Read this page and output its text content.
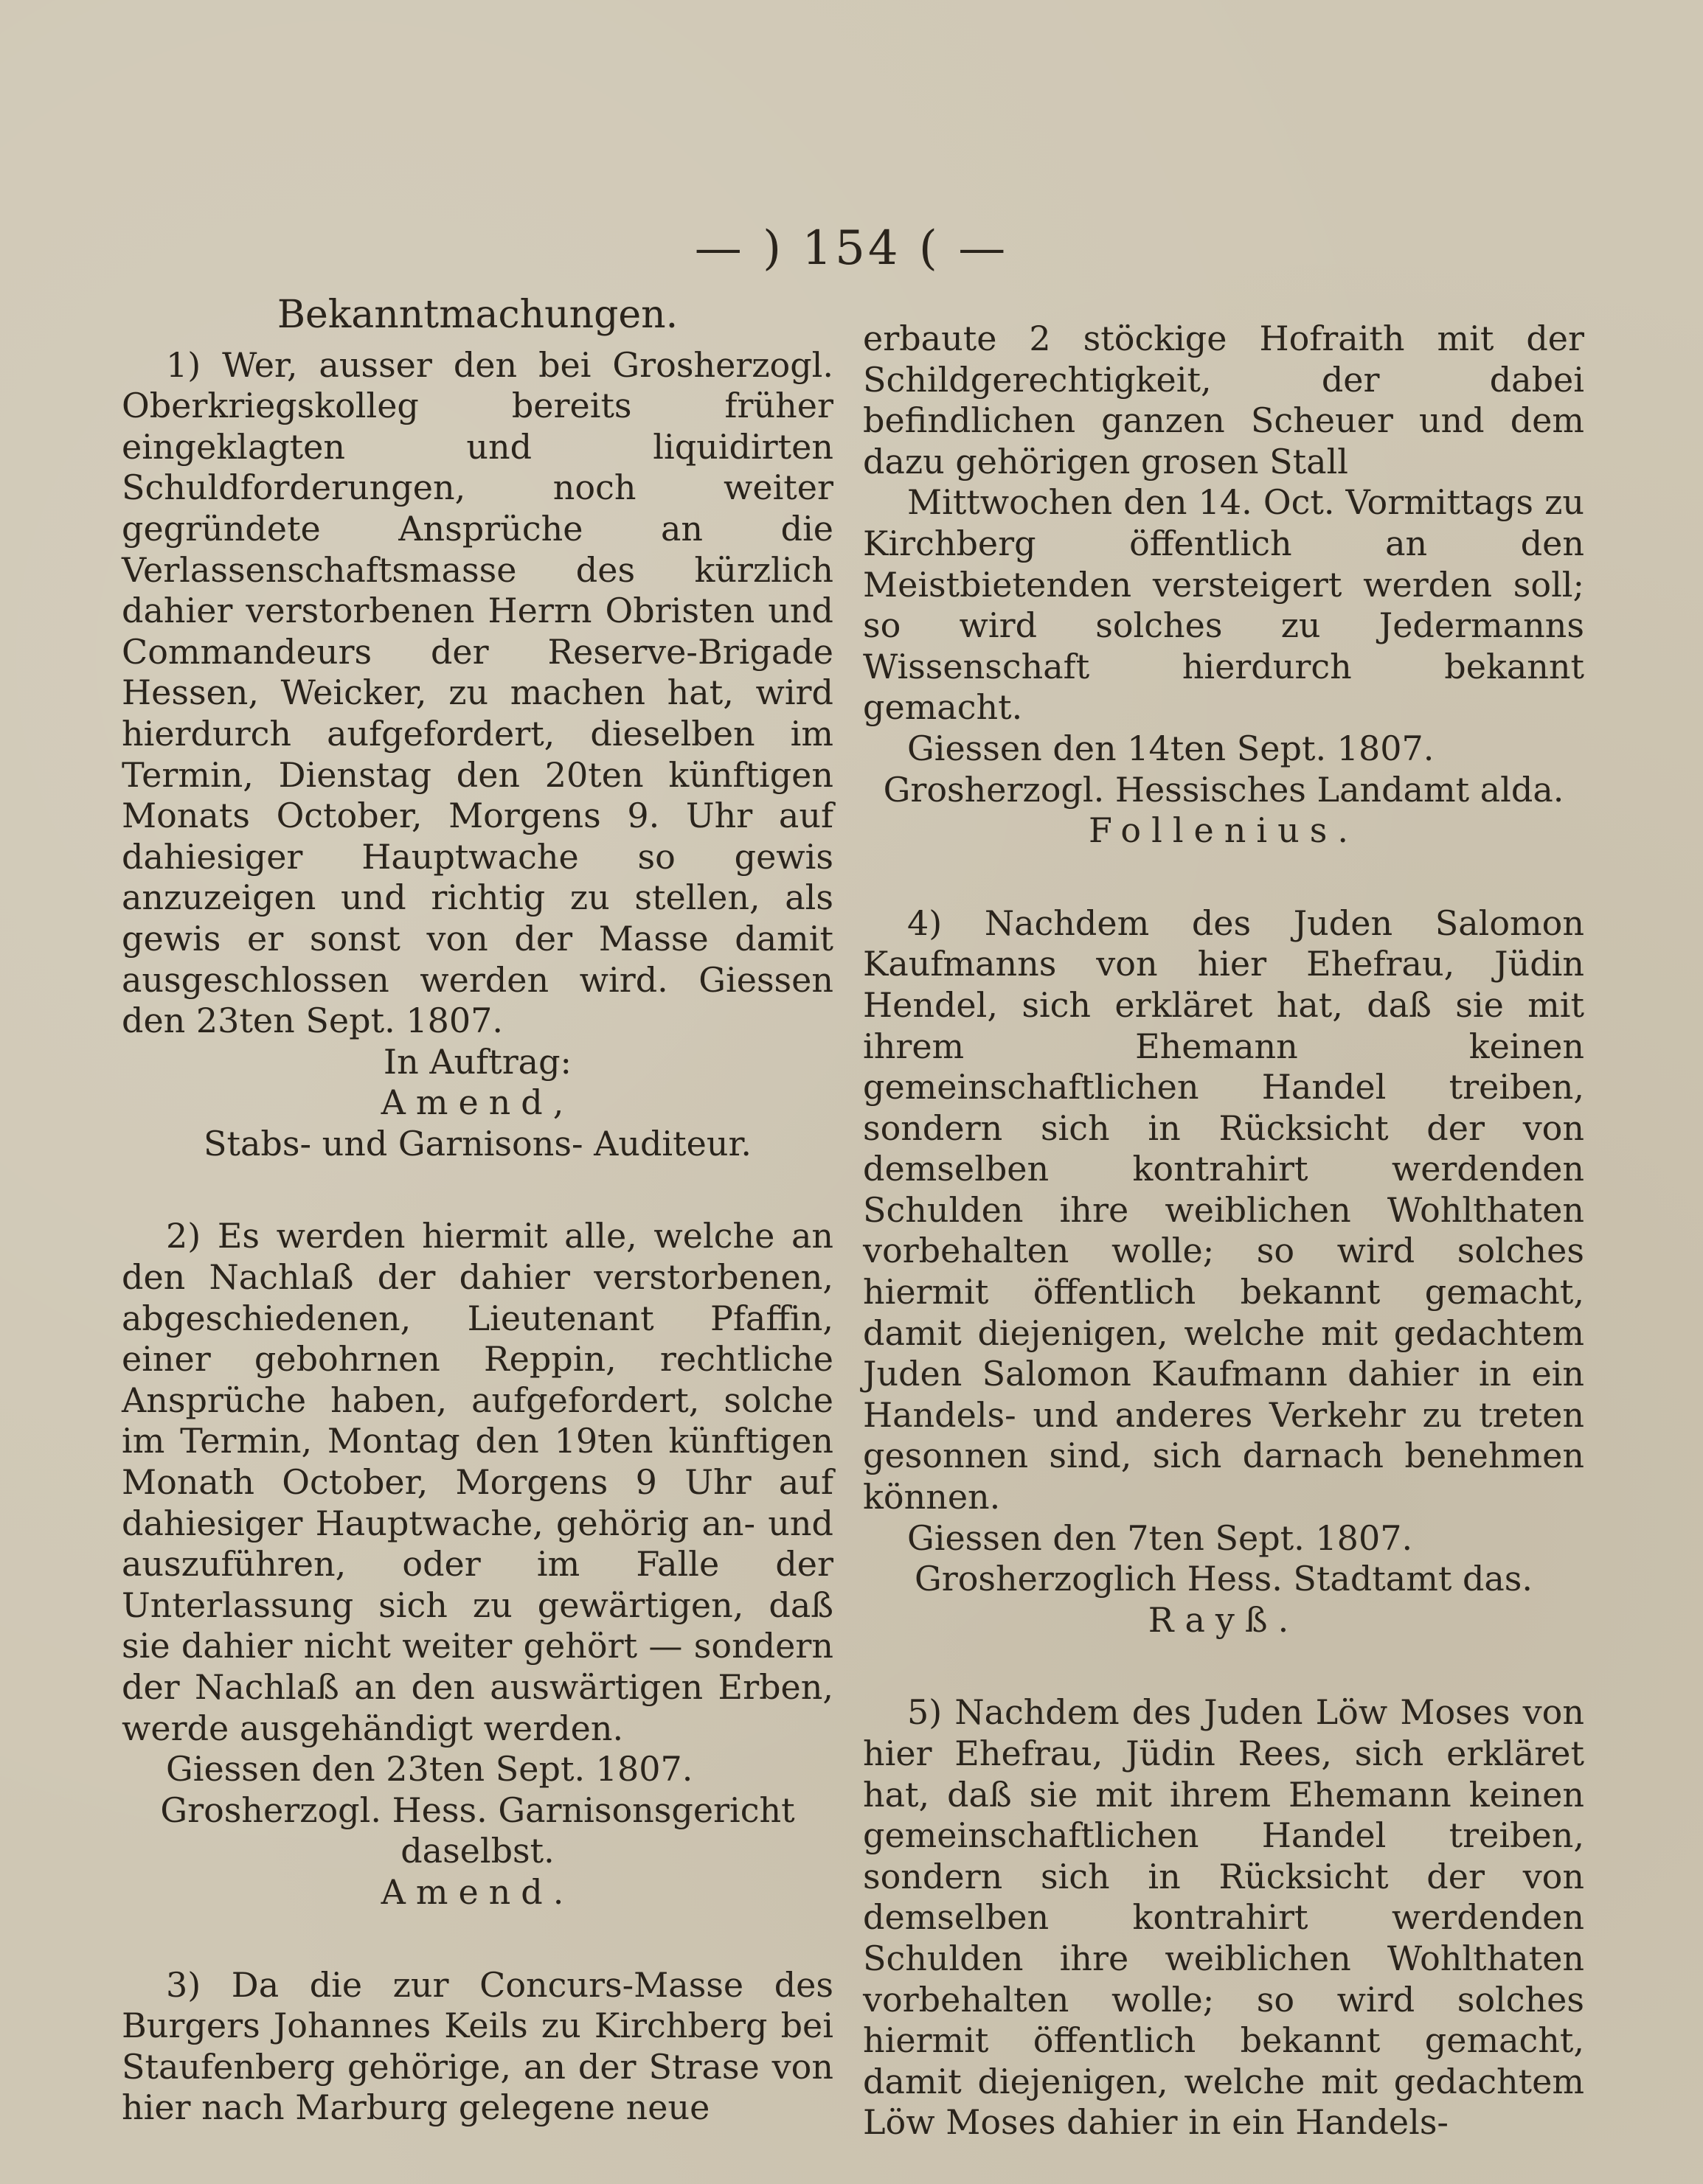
— ) 154 ( —

Bekanntmachungen.

1) Wer, ausser den bei Grosherzogl. Oberkriegskolleg bereits früher eingeklagten und liquidirten Schuldforderungen, noch weiter gegründete Ansprüche an die Verlassenschaftsmasse des kürzlich dahier verstorbenen Herrn Obristen und Commandeurs der Reserve-Brigade Hessen, Weicker, zu machen hat, wird hierdurch aufgefordert, dieselben im Termin, Dienstag den 20ten künftigen Monats October, Morgens 9. Uhr auf dahiesiger Hauptwache so gewis anzuzeigen und richtig zu stellen, als gewis er sonst von der Masse damit ausgeschlossen werden wird. Giessen den 23ten Sept. 1807.

In Auftrag:

Amend,

Stabs- und Garnisons- Auditeur.

2) Es werden hiermit alle, welche an den Nachlaß der dahier verstorbenen, abgeschiedenen, Lieutenant Pfaffin, einer gebohrnen Reppin, rechtliche Ansprüche haben, aufgefordert, solche im Termin, Montag den 19ten künftigen Monath October, Morgens 9 Uhr auf dahiesiger Hauptwache, gehörig an- und auszuführen, oder im Falle der Unterlassung sich zu gewärtigen, daß sie dahier nicht weiter gehört — sondern der Nachlaß an den auswärtigen Erben, werde ausgehändigt werden.

Giessen den 23ten Sept. 1807.

Grosherzogl. Hess. Garnisonsgericht daselbst.

Amend.

3) Da die zur Concurs-Masse des Burgers Johannes Keils zu Kirchberg bei Staufenberg gehörige, an der Strase von hier nach Marburg gelegene neue

erbaute 2 stöckige Hofraith mit der Schildgerechtigkeit, der dabei befindlichen ganzen Scheuer und dem dazu gehörigen grosen Stall

Mittwochen den 14. Oct. Vormittags zu Kirchberg öffentlich an den Meistbietenden versteigert werden soll; so wird solches zu Jedermanns Wissenschaft hierdurch bekannt gemacht.

Giessen den 14ten Sept. 1807.

Grosherzogl. Hessisches Landamt alda.

Follenius.

4) Nachdem des Juden Salomon Kaufmanns von hier Ehefrau, Jüdin Hendel, sich erkläret hat, daß sie mit ihrem Ehemann keinen gemeinschaftlichen Handel treiben, sondern sich in Rücksicht der von demselben kontrahirt werdenden Schulden ihre weiblichen Wohlthaten vorbehalten wolle; so wird solches hiermit öffentlich bekannt gemacht, damit diejenigen, welche mit gedachtem Juden Salomon Kaufmann dahier in ein Handels- und anderes Verkehr zu treten gesonnen sind, sich darnach benehmen können.

Giessen den 7ten Sept. 1807.

Grosherzoglich Hess. Stadtamt das.

Rayß.

5) Nachdem des Juden Löw Moses von hier Ehefrau, Jüdin Rees, sich erkläret hat, daß sie mit ihrem Ehemann keinen gemeinschaftlichen Handel treiben, sondern sich in Rücksicht der von demselben kontrahirt werdenden Schulden ihre weiblichen Wohlthaten vorbehalten wolle; so wird solches hiermit öffentlich bekannt gemacht, damit diejenigen, welche mit gedachtem Löw Moses dahier in ein Handels-
